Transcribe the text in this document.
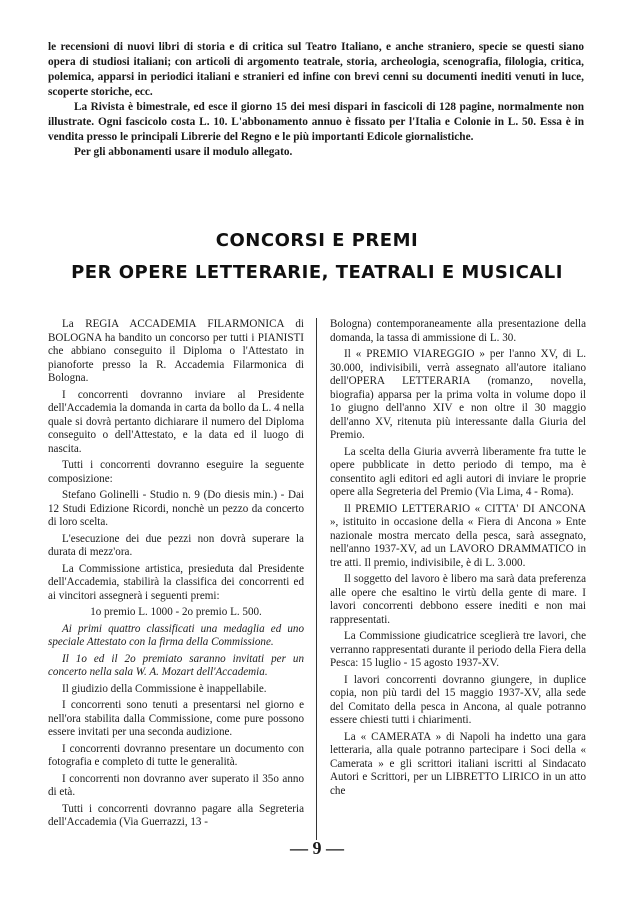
le recensioni di nuovi libri di storia e di critica sul Teatro Italiano, e anche straniero, specie se questi siano opera di studiosi italiani; con articoli di argomento teatrale, storia, archeologia, scenografia, filologia, critica, polemica, apparsi in periodici italiani e stranieri ed infine con brevi cenni su documenti inediti venuti in luce, scoperte storiche, ecc.

La Rivista è bimestrale, ed esce il giorno 15 dei mesi dispari in fascicoli di 128 pagine, normalmente non illustrate. Ogni fascicolo costa L. 10. L'abbonamento annuo è fissato per l'Italia e Colonie in L. 50. Essa è in vendita presso le principali Librerie del Regno e le più importanti Edicole giornalistiche.

Per gli abbonamenti usare il modulo allegato.

CONCORSI E PREMI
PER OPERE LETTERARIE, TEATRALI E MUSICALI

La REGIA ACCADEMIA FILARMONICA di BOLOGNA ha bandito un concorso per tutti i PIANISTI che abbiano conseguito il Diploma o l'Attestato in pianoforte presso la R. Accademia Filarmonica di Bologna.

I concorrenti dovranno inviare al Presidente dell'Accademia la domanda in carta da bollo da L. 4 nella quale si dovrà pertanto dichiarare il numero del Diploma conseguito o dell'Attestato, e la data ed il luogo di nascita.

Tutti i concorrenti dovranno eseguire la seguente composizione:

Stefano Golinelli - Studio n. 9 (Do diesis min.) - Dai 12 Studi Edizione Ricordi, nonchè un pezzo da concerto di loro scelta.

L'esecuzione dei due pezzi non dovrà superare la durata di mezz'ora.

La Commissione artistica, presieduta dal Presidente dell'Accademia, stabilirà la classifica dei concorrenti ed ai vincitori assegnerà i seguenti premi:

1o premio L. 1000 - 2o premio L. 500.

Ai primi quattro classificati una medaglia ed uno speciale Attestato con la firma della Commissione.

Il 1o ed il 2o premiato saranno invitati per un concerto nella sala W. A. Mozart dell'Accademia.

Il giudizio della Commissione è inappellabile.

I concorrenti sono tenuti a presentarsi nel giorno e nell'ora stabilita dalla Commissione, come pure possono essere invitati per una seconda audizione.

I concorrenti dovranno presentare un documento con fotografia e completo di tutte le generalità.

I concorrenti non dovranno aver superato il 35o anno di età.

Tutti i concorrenti dovranno pagare alla Segreteria dell'Accademia (Via Guerrazzi, 13 -

Bologna) contemporaneamente alla presentazione della domanda, la tassa di ammissione di L. 30.

Il « PREMIO VIAREGGIO » per l'anno XV, di L. 30.000, indivisibili, verrà assegnato all'autore italiano dell'OPERA LETTERARIA (romanzo, novella, biografia) apparsa per la prima volta in volume dopo il 1o giugno dell'anno XIV e non oltre il 30 maggio dell'anno XV, ritenuta più interessante dalla Giuria del Premio.

La scelta della Giuria avverrà liberamente fra tutte le opere pubblicate in detto periodo di tempo, ma è consentito agli editori ed agli autori di inviare le proprie opere alla Segreteria del Premio (Via Lima, 4 - Roma).

Il PREMIO LETTERARIO « CITTA' DI ANCONA », istituito in occasione della « Fiera di Ancona » Ente nazionale mostra mercato della pesca, sarà assegnato, nell'anno 1937-XV, ad un LAVORO DRAMMATICO in tre atti. Il premio, indivisibile, è di L. 3.000.

Il soggetto del lavoro è libero ma sarà data preferenza alle opere che esaltino le virtù della gente di mare. I lavori concorrenti debbono essere inediti e non mai rappresentati.

La Commissione giudicatrice sceglierà tre lavori, che verranno rappresentati durante il periodo della Fiera della Pesca: 15 luglio - 15 agosto 1937-XV.

I lavori concorrenti dovranno giungere, in duplice copia, non più tardi del 15 maggio 1937-XV, alla sede del Comitato della pesca in Ancona, al quale potranno essere chiesti tutti i chiarimenti.

La « CAMERATA » di Napoli ha indetto una gara letteraria, alla quale potranno partecipare i Soci della « Camerata » e gli scrittori italiani iscritti al Sindacato Autori e Scrittori, per un LIBRETTO LIRICO in un atto che

— 9 —
